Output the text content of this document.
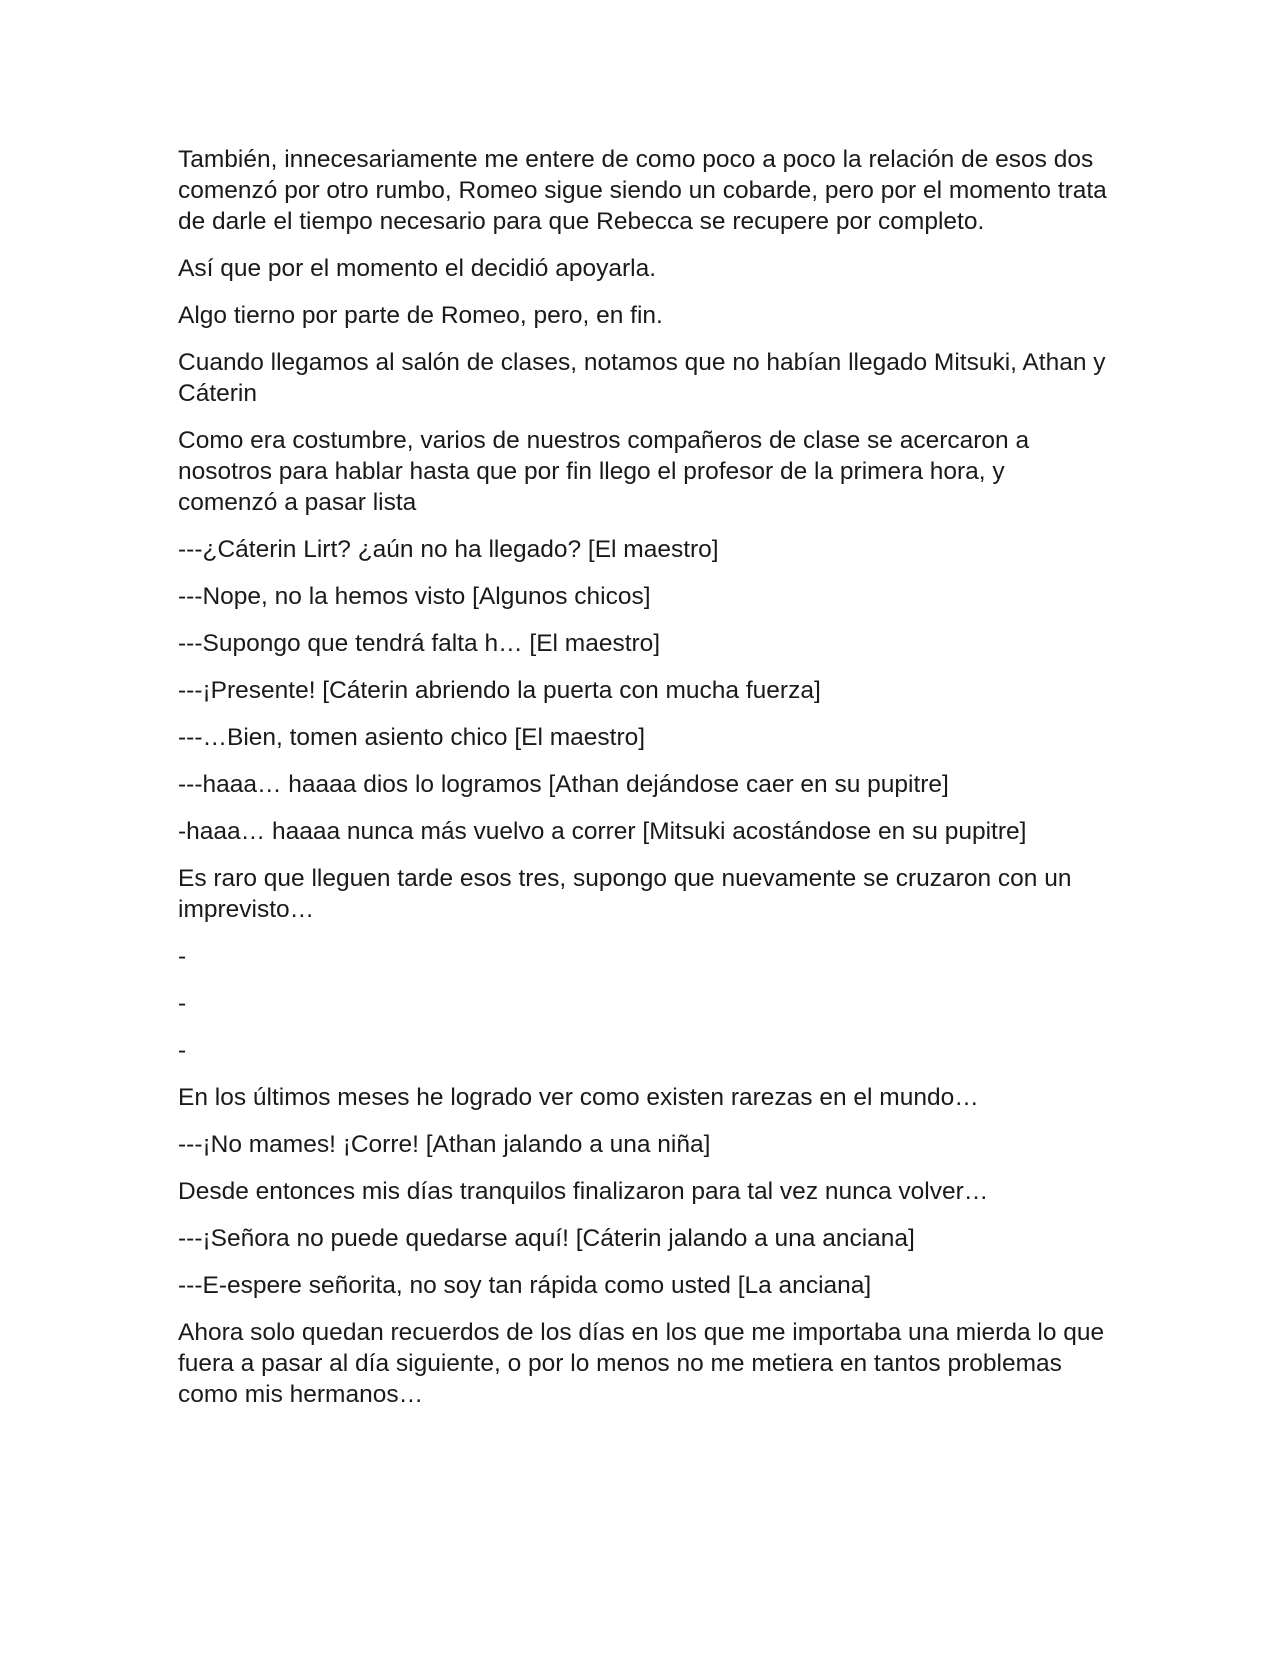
También, innecesariamente me entere de como poco a poco la relación de esos dos comenzó por otro rumbo, Romeo sigue siendo un cobarde, pero por el momento trata de darle el tiempo necesario para que Rebecca se recupere por completo.

Así que por el momento el decidió apoyarla.

Algo tierno por parte de Romeo, pero, en fin.

Cuando llegamos al salón de clases, notamos que no habían llegado Mitsuki, Athan y Cáterin

Como era costumbre, varios de nuestros compañeros de clase se acercaron a nosotros para hablar hasta que por fin llego el profesor de la primera hora, y comenzó a pasar lista

---¿Cáterin Lirt? ¿aún no ha llegado? [El maestro]

---Nope, no la hemos visto [Algunos chicos]

---Supongo que tendrá falta h… [El maestro]

---¡Presente! [Cáterin abriendo la puerta con mucha fuerza]

---…Bien, tomen asiento chico [El maestro]

---haaa… haaaa dios lo logramos [Athan dejándose caer en su pupitre]

-haaa… haaaa nunca más vuelvo a correr [Mitsuki acostándose en su pupitre]

Es raro que lleguen tarde esos tres, supongo que nuevamente se cruzaron con un imprevisto…

-

-

-

En los últimos meses he logrado ver como existen rarezas en el mundo…

---¡No mames! ¡Corre! [Athan jalando a una niña]

Desde entonces mis días tranquilos finalizaron para tal vez nunca volver…

---¡Señora no puede quedarse aquí! [Cáterin jalando a una anciana]

---E-espere señorita, no soy tan rápida como usted [La anciana]

Ahora solo quedan recuerdos de los días en los que me importaba una mierda lo que fuera a pasar al día siguiente, o por lo menos no me metiera en tantos problemas como mis hermanos…
